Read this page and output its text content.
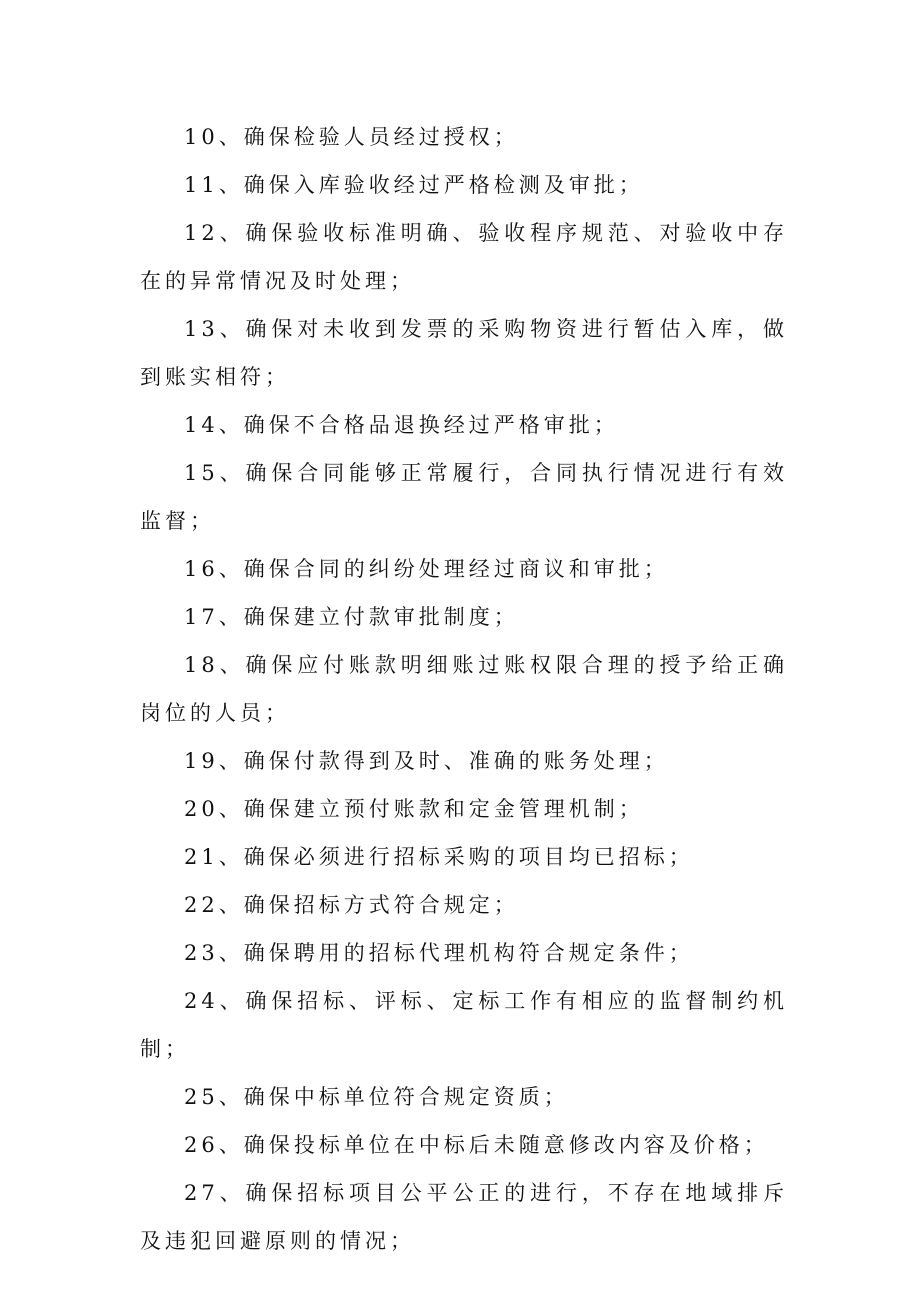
10、确保检验人员经过授权；

11、确保入库验收经过严格检测及审批；

12、确保验收标准明确、验收程序规范、对验收中存在的异常情况及时处理；

13、确保对未收到发票的采购物资进行暂估入库，做到账实相符；

14、确保不合格品退换经过严格审批；

15、确保合同能够正常履行，合同执行情况进行有效监督；

16、确保合同的纠纷处理经过商议和审批；

17、确保建立付款审批制度；

18、确保应付账款明细账过账权限合理的授予给正确岗位的人员；

19、确保付款得到及时、准确的账务处理；

20、确保建立预付账款和定金管理机制；

21、确保必须进行招标采购的项目均已招标；

22、确保招标方式符合规定；

23、确保聘用的招标代理机构符合规定条件；

24、确保招标、评标、定标工作有相应的监督制约机制；

25、确保中标单位符合规定资质；

26、确保投标单位在中标后未随意修改内容及价格；

27、确保招标项目公平公正的进行，不存在地域排斥及违犯回避原则的情况；
